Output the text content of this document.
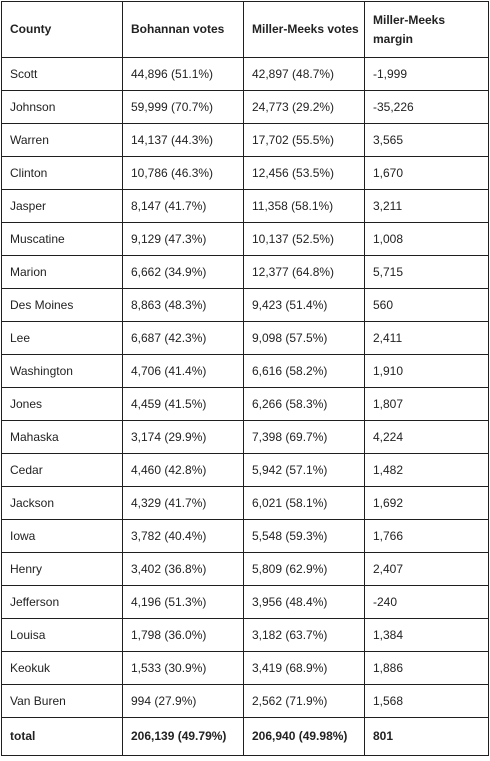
County	Bohannan votes	Miller-Meeks votes	Miller-Meeks margin
Scott	44,896 (51.1%)	42,897 (48.7%)	-1,999
Johnson	59,999 (70.7%)	24,773 (29.2%)	-35,226
Warren	14,137 (44.3%)	17,702 (55.5%)	3,565
Clinton	10,786 (46.3%)	12,456 (53.5%)	1,670
Jasper	8,147 (41.7%)	11,358 (58.1%)	3,211
Muscatine	9,129 (47.3%)	10,137 (52.5%)	1,008
Marion	6,662 (34.9%)	12,377 (64.8%)	5,715
Des Moines	8,863 (48.3%)	9,423 (51.4%)	560
Lee	6,687 (42.3%)	9,098 (57.5%)	2,411
Washington	4,706 (41.4%)	6,616 (58.2%)	1,910
Jones	4,459 (41.5%)	6,266 (58.3%)	1,807
Mahaska	3,174 (29.9%)	7,398 (69.7%)	4,224
Cedar	4,460 (42.8%)	5,942 (57.1%)	1,482
Jackson	4,329 (41.7%)	6,021 (58.1%)	1,692
Iowa	3,782 (40.4%)	5,548 (59.3%)	1,766
Henry	3,402 (36.8%)	5,809 (62.9%)	2,407
Jefferson	4,196 (51.3%)	3,956 (48.4%)	-240
Louisa	1,798 (36.0%)	3,182 (63.7%)	1,384
Keokuk	1,533 (30.9%)	3,419 (68.9%)	1,886
Van Buren	994 (27.9%)	2,562 (71.9%)	1,568
total	206,139 (49.79%)	206,940 (49.98%)	801
